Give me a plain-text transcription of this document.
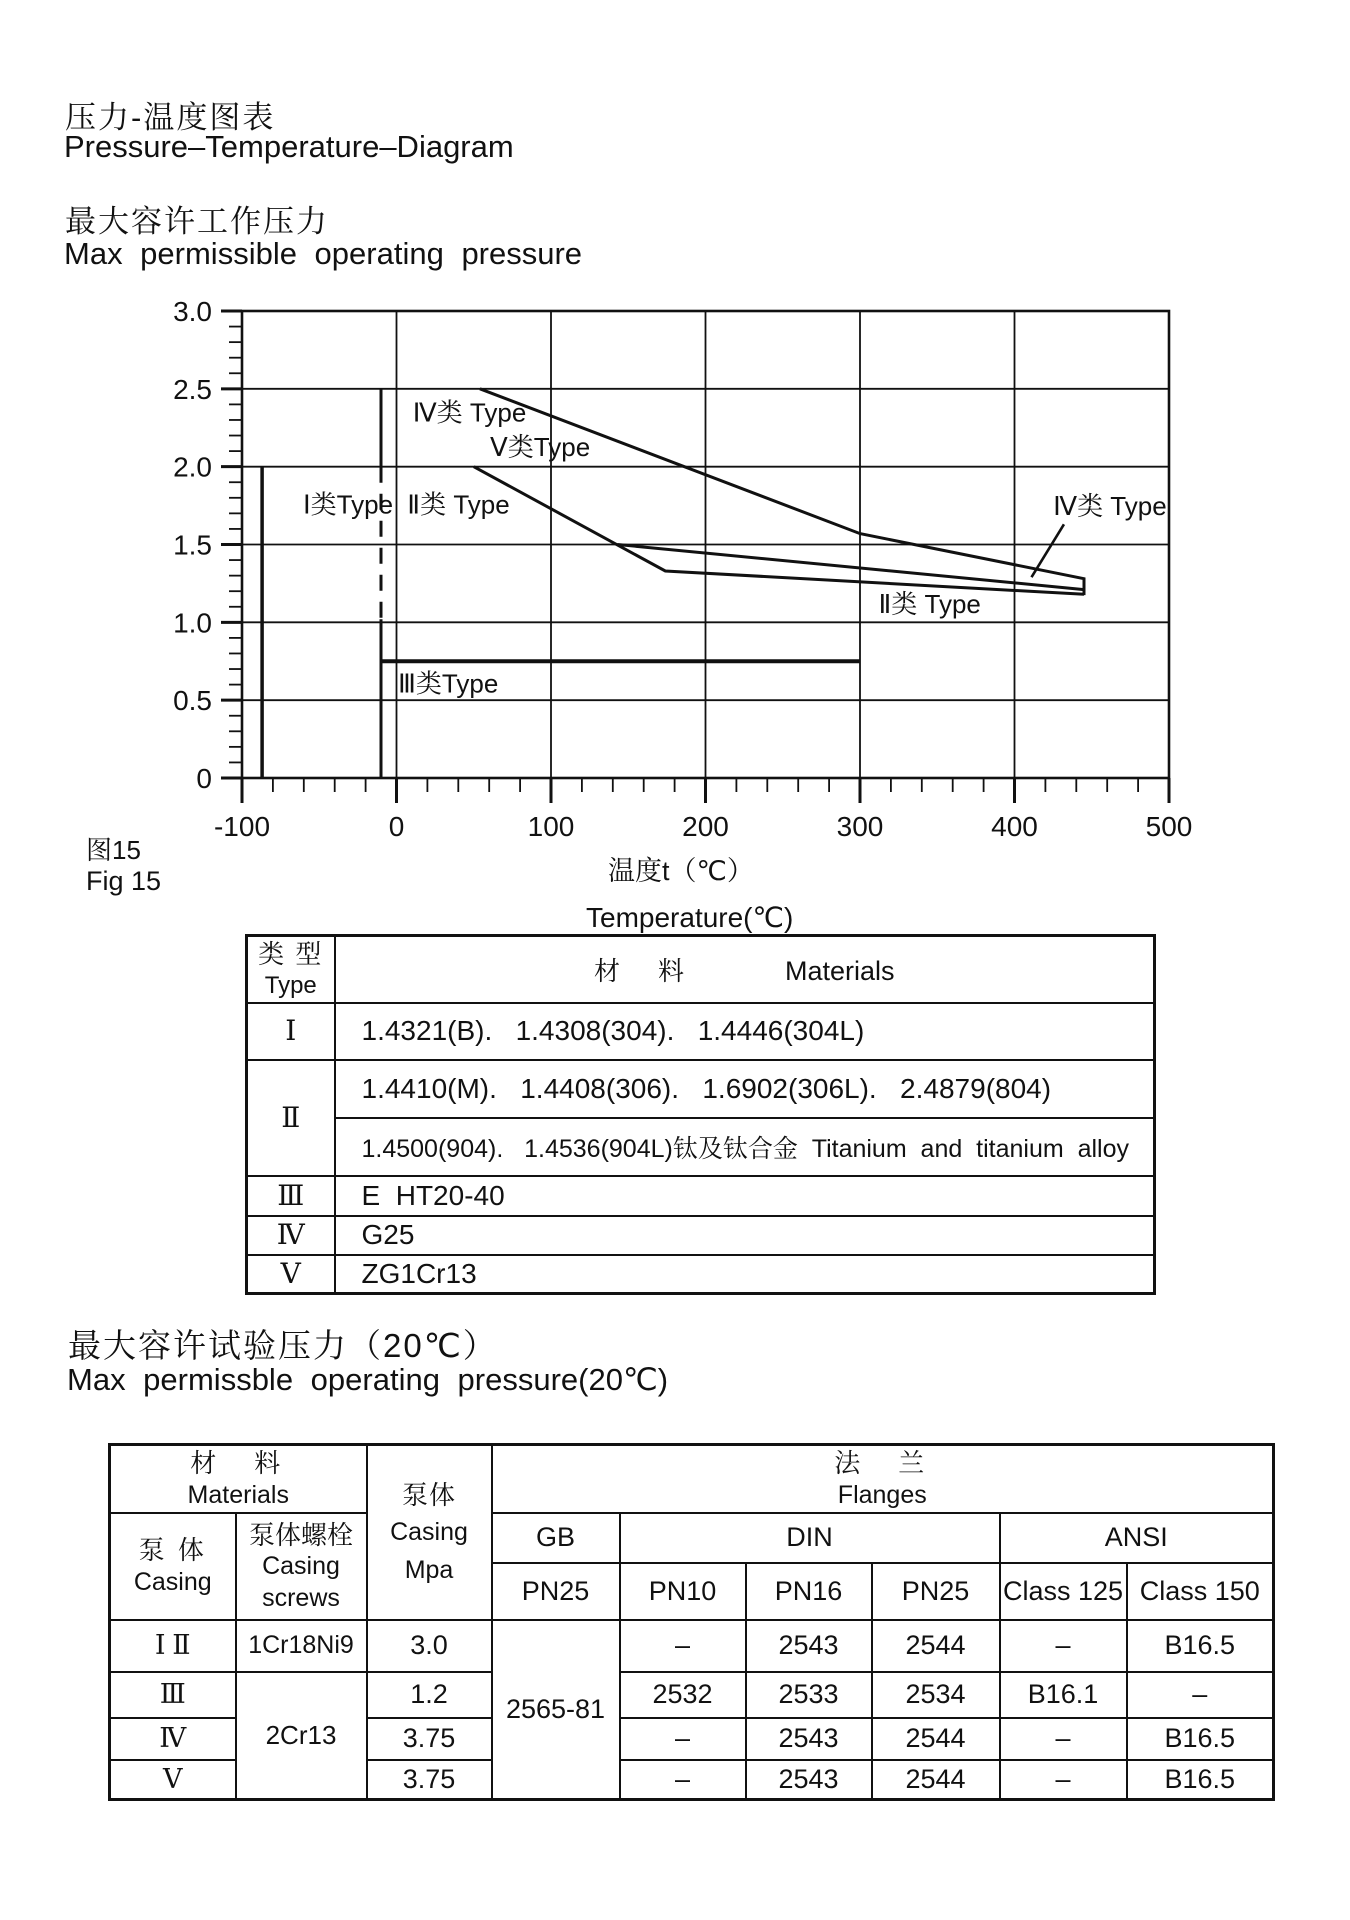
压力-温度图表
Pressure–Temperature–Diagram
最大容许工作压力
Max permissible operating pressure
-100	0	100	200	300	400	500
0
0.5
1.0
1.5
2.0
2.5
3.0
Ⅳ类 Type
Ⅴ类Type
Ⅰ类Type Ⅱ类 Type
Ⅲ类Type
Ⅱ类 Type
Ⅳ类 Type
图15
Fig 15	温度t（℃）
Temperature(℃)
类 型
Type	材　料 Materials

Ⅰ	1.4321(B).   1.4308(304).   1.4446(304L)
Ⅱ	1.4410(M).   1.4408(306).   1.6902(306L).   2.4879(804)
	1.4500(904).   1.4536(904L)钛及钛合金  Titanium  and  titanium  alloy
Ⅲ	E  HT20-40
Ⅳ	G25
Ⅴ	ZG1Cr13
最大容许试验压力（20℃）
Max permissble operating pressure(20℃)
材　料
Materials		泵体
Casing
Mpa	法　兰
Flanges					

泵 体
Casing	泵体螺栓
Casing
screws		GB	DIN			ANSI	
			PN25	PN10	PN16	PN25	Class 125	Class 150
Ⅰ Ⅱ	1Cr18Ni9	3.0	2565-81	–	2543	2544	–	B16.5
Ⅲ	2Cr13	1.2		2532	2533	2534	B16.1	–
Ⅳ		3.75		–	2543	2544	–	B16.5
Ⅴ		3.75		–	2543	2544	–	B16.5
